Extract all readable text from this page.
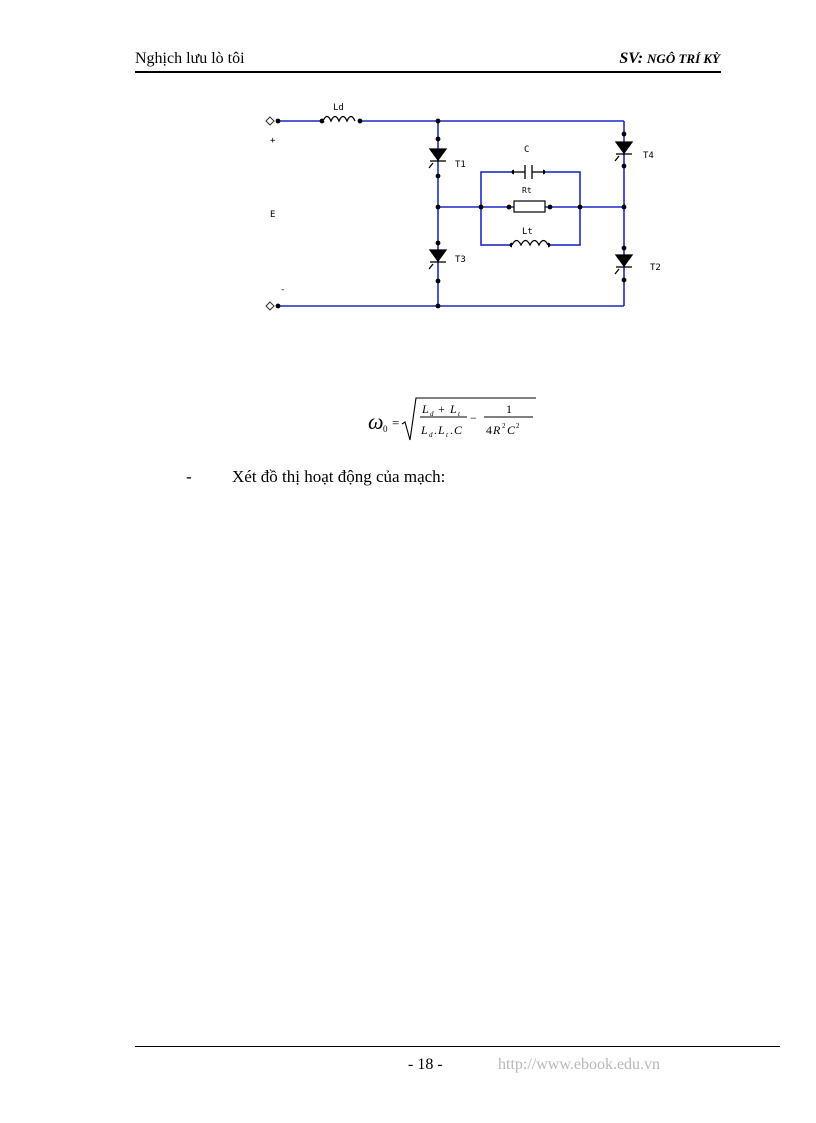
Nghịch lưu lò tôi	SV: NGÔ TRÍ KỲ
Ld
+
E
-
T1
T3
T4
T2
C
Rt
Lt
ω 0 =
L d + L t
L d . L t . C
−
1
4 R 2 C 2
- Xét đồ thị hoạt động của mạch:
- 18 -	http://www.ebook.edu.vn
